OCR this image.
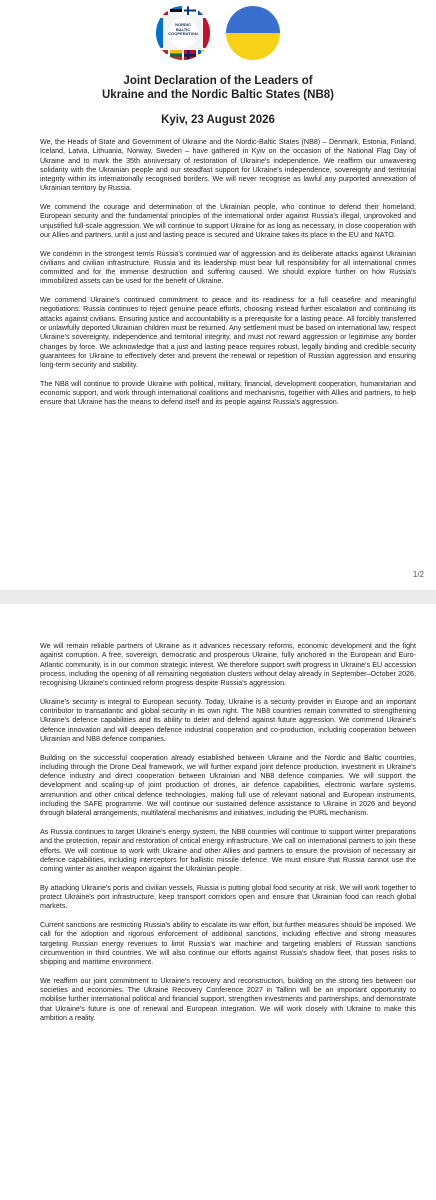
NORDIC BALTIC COOPERATION
Joint Declaration of the Leaders of
Ukraine and the Nordic Baltic States (NB8)
Kyiv, 23 August 2026

We, the Heads of State and Government of Ukraine and the Nordic-Baltic States (NB8) – Denmark, Estonia, Finland, Iceland, Latvia, Lithuania, Norway, Sweden – have gathered in Kyiv on the occasion of the National Flag Day of Ukraine and to mark the 35th anniversary of restoration of Ukraine's independence. We reaffirm our unwavering solidarity with the Ukrainian people and our steadfast support for Ukraine's independence, sovereignty and territorial integrity within its internationally recognised borders. We will never recognise as lawful any purported annexation of Ukrainian territory by Russia.

We commend the courage and determination of the Ukrainian people, who continue to defend their homeland, European security and the fundamental principles of the international order against Russia's illegal, unprovoked and unjustified full-scale aggression. We will continue to support Ukraine for as long as necessary, in close cooperation with our Allies and partners, until a just and lasting peace is secured and Ukraine takes its place in the EU and NATO.

We condemn in the strongest terms Russia's continued war of aggression and its deliberate attacks against Ukrainian civilians and civilian infrastructure. Russia and its leadership must bear full responsibility for all international crimes committed and for the immense destruction and suffering caused. We should explore further on how Russia's immobilized assets can be used for the benefit of Ukraine.

We commend Ukraine's continued commitment to peace and its readiness for a full ceasefire and meaningful negotiations. Russia continues to reject genuine peace efforts, choosing instead further escalation and continuing its attacks against civilians. Ensuring justice and accountability is a prerequisite for a lasting peace. All forcibly transferred or unlawfully deported Ukrainian children must be returned. Any settlement must be based on international law, respect Ukraine's sovereignty, independence and territorial integrity, and must not reward aggression or legitimise any border changes by force. We acknowledge that a just and lasting peace requires robust, legally binding and credible security guarantees for Ukraine to effectively deter and prevent the renewal or repetition of Russian aggression and ensuring long-term security and stability.

The NB8 will continue to provide Ukraine with political, military, financial, development cooperation, humanitarian and economic support, and work through international coalitions and mechanisms, together with Allies and partners, to help ensure that Ukraine has the means to defend itself and its people against Russia's aggression.

1/2

We will remain reliable partners of Ukraine as it advances necessary reforms, economic development and the fight against corruption. A free, sovereign, democratic and prosperous Ukraine, fully anchored in the European and Euro-Atlantic community, is in our common strategic interest. We therefore support swift progress in Ukraine's EU accession process, including the opening of all remaining negotiation clusters without delay already in September–October 2026, recognising Ukraine's continued reform progress despite Russia's aggression.

Ukraine's security is integral to European security. Today, Ukraine is a security provider in Europe and an important contributor to transatlantic and global security in its own right. The NB8 countries remain committed to strengthening Ukraine's defence capabilities and its ability to deter and defend against future aggression. We commend Ukraine's defence innovation and will deepen defence industrial cooperation and co-production, including cooperation between Ukrainian and NB8 defence companies.

Building on the successful cooperation already established between Ukraine and the Nordic and Baltic countries, including through the Drone Deal framework, we will further expand joint defence production, investment in Ukraine's defence industry and direct cooperation between Ukrainian and NB8 defence companies. We will support the development and scaling-up of joint production of drones, air defence capabilities, electronic warfare systems, ammunition and other critical defence technologies, making full use of relevant national and European instruments, including the SAFE programme. We will continue our sustained defence assistance to Ukraine in 2026 and beyond through bilateral arrangements, multilateral mechanisms and initiatives, including the PURL mechanism.

As Russia continues to target Ukraine's energy system, the NB8 countries will continue to support winter preparations and the protection, repair and restoration of critical energy infrastructure. We call on international partners to join these efforts. We will continue to work with Ukraine and other Allies and partners to ensure the provision of necessary air defence capabilities, including interceptors for ballistic missile defence. We must ensure that Russia cannot use the coming winter as another weapon against the Ukrainian people.

By attacking Ukraine's ports and civilian vessels, Russia is putting global food security at risk. We will work together to protect Ukraine's port infrastructure, keep transport corridors open and ensure that Ukrainian food can reach global markets.

Current sanctions are restricting Russia's ability to escalate its war effort, but further measures should be imposed. We call for the adoption and rigorous enforcement of additional sanctions, including effective and strong measures targeting Russian energy revenues to limit Russia's war machine and targeting enablers of Russian sanctions circumvention in third countries. We will also continue our efforts against Russia's shadow fleet, that poses risks to shipping and maritime environment.

We reaffirm our joint commitment to Ukraine's recovery and reconstruction, building on the strong ties between our societies and economies. The Ukraine Recovery Conference 2027 in Tallinn will be an important opportunity to mobilise further international political and financial support, strengthen investments and partnerships, and demonstrate that Ukraine's future is one of renewal and European integration. We will work closely with Ukraine to make this ambition a reality.
